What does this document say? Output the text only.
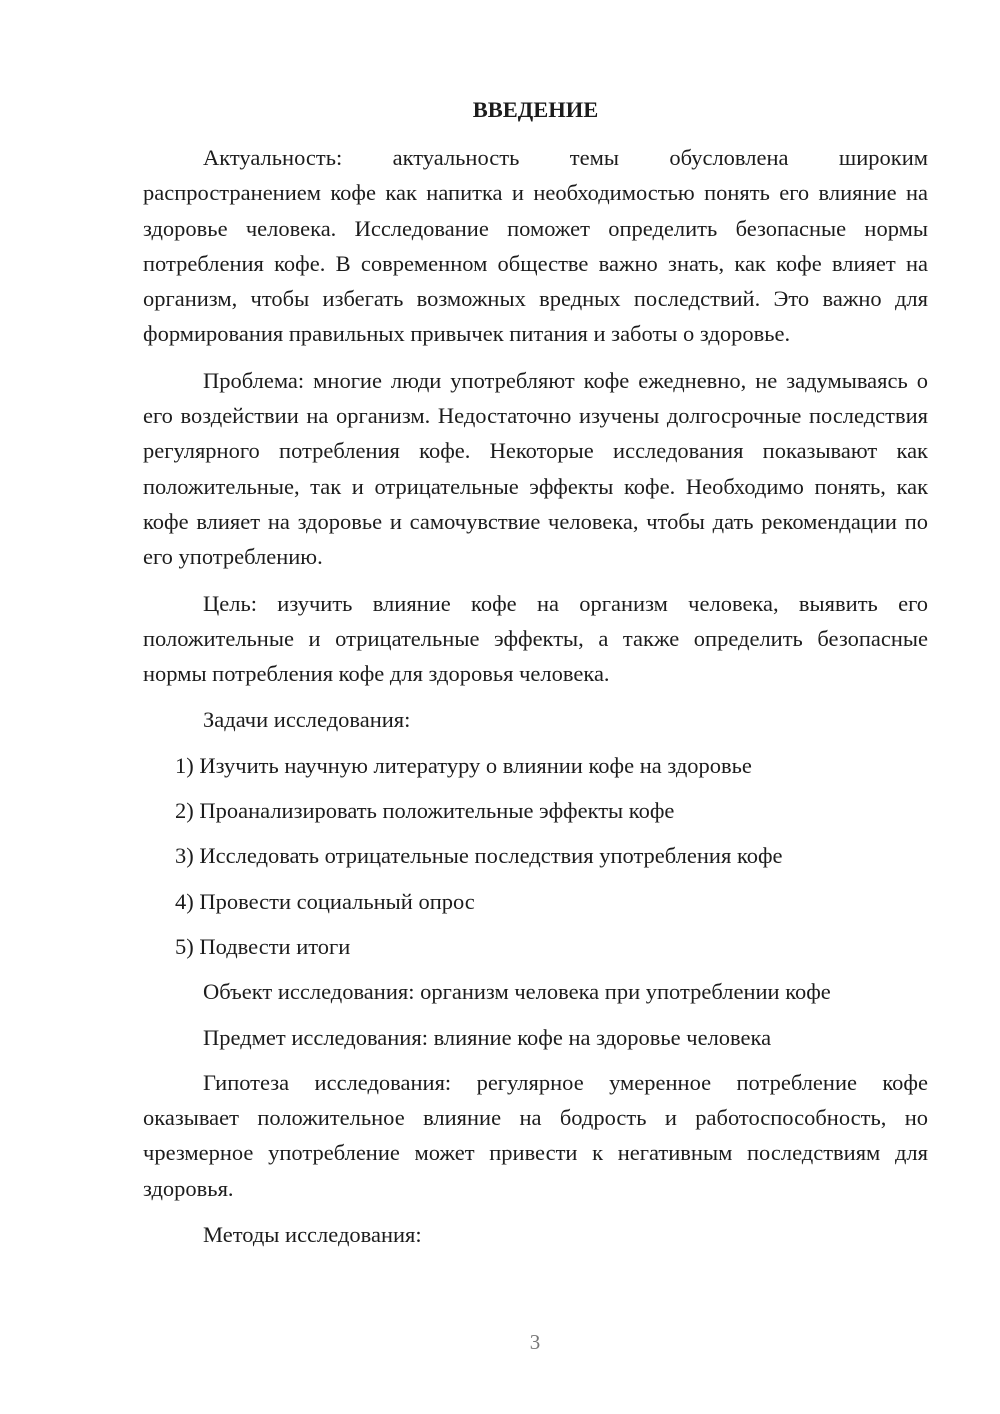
ВВЕДЕНИЕ

Актуальность: актуальность темы обусловлена широким распространением кофе как напитка и необходимостью понять его влияние на здоровье человека. Исследование поможет определить безопасные нормы потребления кофе. В современном обществе важно знать, как кофе влияет на организм, чтобы избегать возможных вредных последствий. Это важно для формирования правильных привычек питания и заботы о здоровье.

Проблема: многие люди употребляют кофе ежедневно, не задумываясь о его воздействии на организм. Недостаточно изучены долгосрочные последствия регулярного потребления кофе. Некоторые исследования показывают как положительные, так и отрицательные эффекты кофе. Необходимо понять, как кофе влияет на здоровье и самочувствие человека, чтобы дать рекомендации по его употреблению.

Цель: изучить влияние кофе на организм человека, выявить его положительные и отрицательные эффекты, а также определить безопасные нормы потребления кофе для здоровья человека.

Задачи исследования:

1) Изучить научную литературу о влиянии кофе на здоровье
2) Проанализировать положительные эффекты кофе
3) Исследовать отрицательные последствия употребления кофе
4) Провести социальный опрос
5) Подвести итоги

Объект исследования: организм человека при употреблении кофе

Предмет исследования: влияние кофе на здоровье человека

Гипотеза исследования: регулярное умеренное потребление кофе оказывает положительное влияние на бодрость и работоспособность, но чрезмерное употребление может привести к негативным последствиям для здоровья.

Методы исследования:

3
